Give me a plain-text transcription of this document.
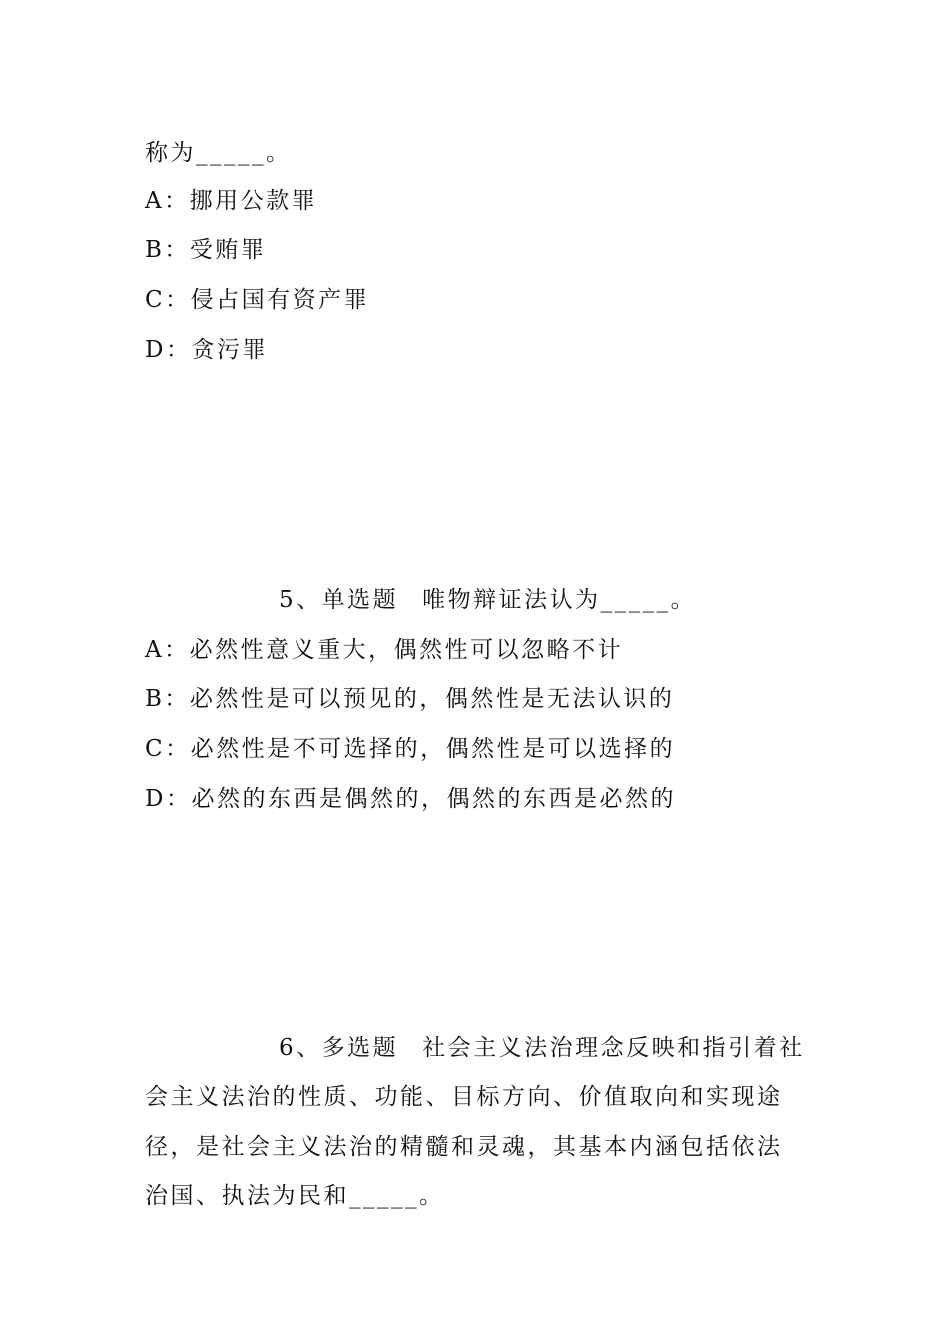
称为_____。
A：挪用公款罪
B：受贿罪
C：侵占国有资产罪
D：贪污罪
5、单选题 唯物辩证法认为_____。
A：必然性意义重大，偶然性可以忽略不计
B：必然性是可以预见的，偶然性是无法认识的
C：必然性是不可选择的，偶然性是可以选择的
D：必然的东西是偶然的，偶然的东西是必然的
6、多选题 社会主义法治理念反映和指引着社
会主义法治的性质、功能、目标方向、价值取向和实现途
径，是社会主义法治的精髓和灵魂，其基本内涵包括依法
治国、执法为民和_____。
